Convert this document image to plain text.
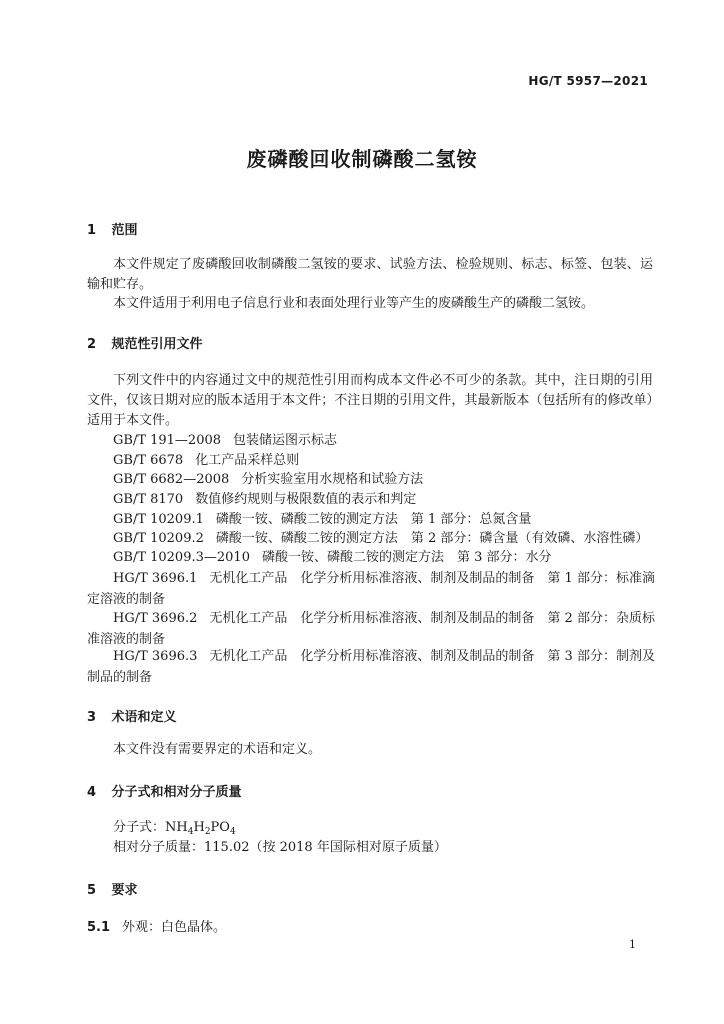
HG/T 5957—2021
废磷酸回收制磷酸二氢铵
1 范围

本文件规定了废磷酸回收制磷酸二氢铵的要求、试验方法、检验规则、标志、标签、包装、运输和贮存。

本文件适用于利用电子信息行业和表面处理行业等产生的废磷酸生产的磷酸二氢铵。

2 规范性引用文件

下列文件中的内容通过文中的规范性引用而构成本文件必不可少的条款。其中，注日期的引用文件，仅该日期对应的版本适用于本文件；不注日期的引用文件，其最新版本（包括所有的修改单）适用于本文件。

GB/T 191—2008 包装储运图示标志
GB/T 6678 化工产品采样总则
GB/T 6682—2008 分析实验室用水规格和试验方法
GB/T 8170 数值修约规则与极限数值的表示和判定
GB/T 10209.1 磷酸一铵、磷酸二铵的测定方法　第 1 部分：总氮含量
GB/T 10209.2 磷酸一铵、磷酸二铵的测定方法　第 2 部分：磷含量（有效磷、水溶性磷）
GB/T 10209.3—2010 磷酸一铵、磷酸二铵的测定方法　第 3 部分：水分
HG/T 3696.1 无机化工产品　化学分析用标准溶液、制剂及制品的制备　第 1 部分：标准滴
定溶液的制备
HG/T 3696.2 无机化工产品　化学分析用标准溶液、制剂及制品的制备　第 2 部分：杂质标
准溶液的制备
HG/T 3696.3 无机化工产品　化学分析用标准溶液、制剂及制品的制备　第 3 部分：制剂及
制品的制备
3 术语和定义

本文件没有需要界定的术语和定义。

4 分子式和相对分子质量

分子式：$NH_4H_2PO_4$

相对分子质量：115.02（按 2018 年国际相对原子质量）

5 要求
5.1 外观：白色晶体。
1
